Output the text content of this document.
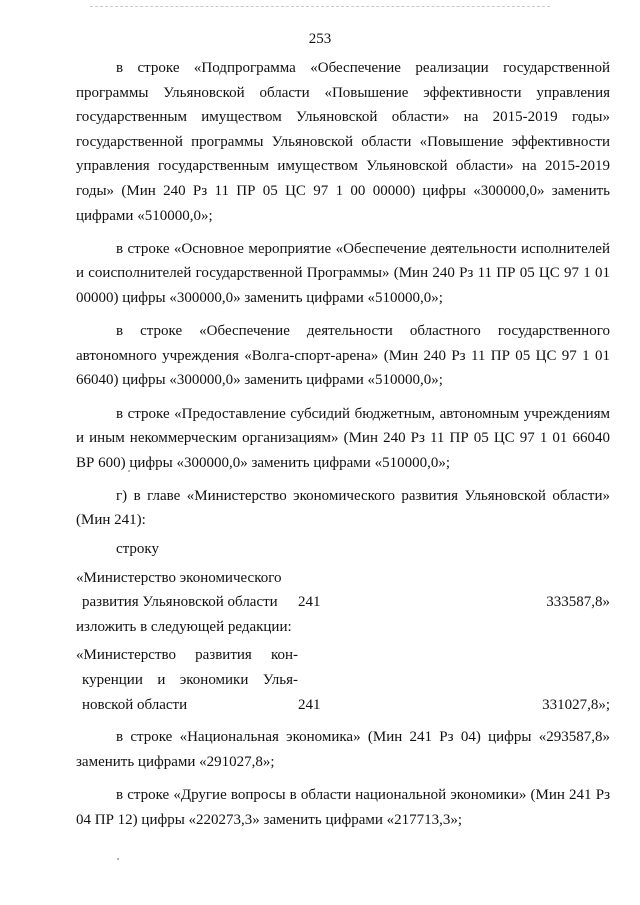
253

в строке «Подпрограмма «Обеспечение реализации государственной программы Ульяновской области «Повышение эффективности управления государственным имуществом Ульяновской области» на 2015-2019 годы» государственной программы Ульяновской области «Повышение эффективности управления государственным имуществом Ульяновской области» на 2015-2019 годы» (Мин 240 Рз 11 ПР 05 ЦС 97 1 00 00000) цифры «300000,0» заменить цифрами «510000,0»;

в строке «Основное мероприятие «Обеспечение деятельности исполнителей и соисполнителей государственной Программы» (Мин 240 Рз 11 ПР 05 ЦС 97 1 01 00000) цифры «300000,0» заменить цифрами «510000,0»;

в строке «Обеспечение деятельности областного государственного автономного учреждения «Волга-спорт-арена» (Мин 240 Рз 11 ПР 05 ЦС 97 1 01 66040) цифры «300000,0» заменить цифрами «510000,0»;

в строке «Предоставление субсидий бюджетным, автономным учреждениям и иным некоммерческим организациям» (Мин 240 Рз 11 ПР 05 ЦС 97 1 01 66040 ВР 600) цифры «300000,0» заменить цифрами «510000,0»;

г) в главе «Министерство экономического развития Ульяновской области» (Мин 241):

строку
«Министерство экономического
развития Ульяновской области 241	333587,8»
изложить в следующей редакции:
«Министерство развития кон-
куренции и экономики Улья-
новской области	241	331027,8»;

в строке «Национальная экономика» (Мин 241 Рз 04) цифры «293587,8» заменить цифрами «291027,8»;

в строке «Другие вопросы в области национальной экономики» (Мин 241 Рз 04 ПР 12) цифры «220273,3» заменить цифрами «217713,3»;
